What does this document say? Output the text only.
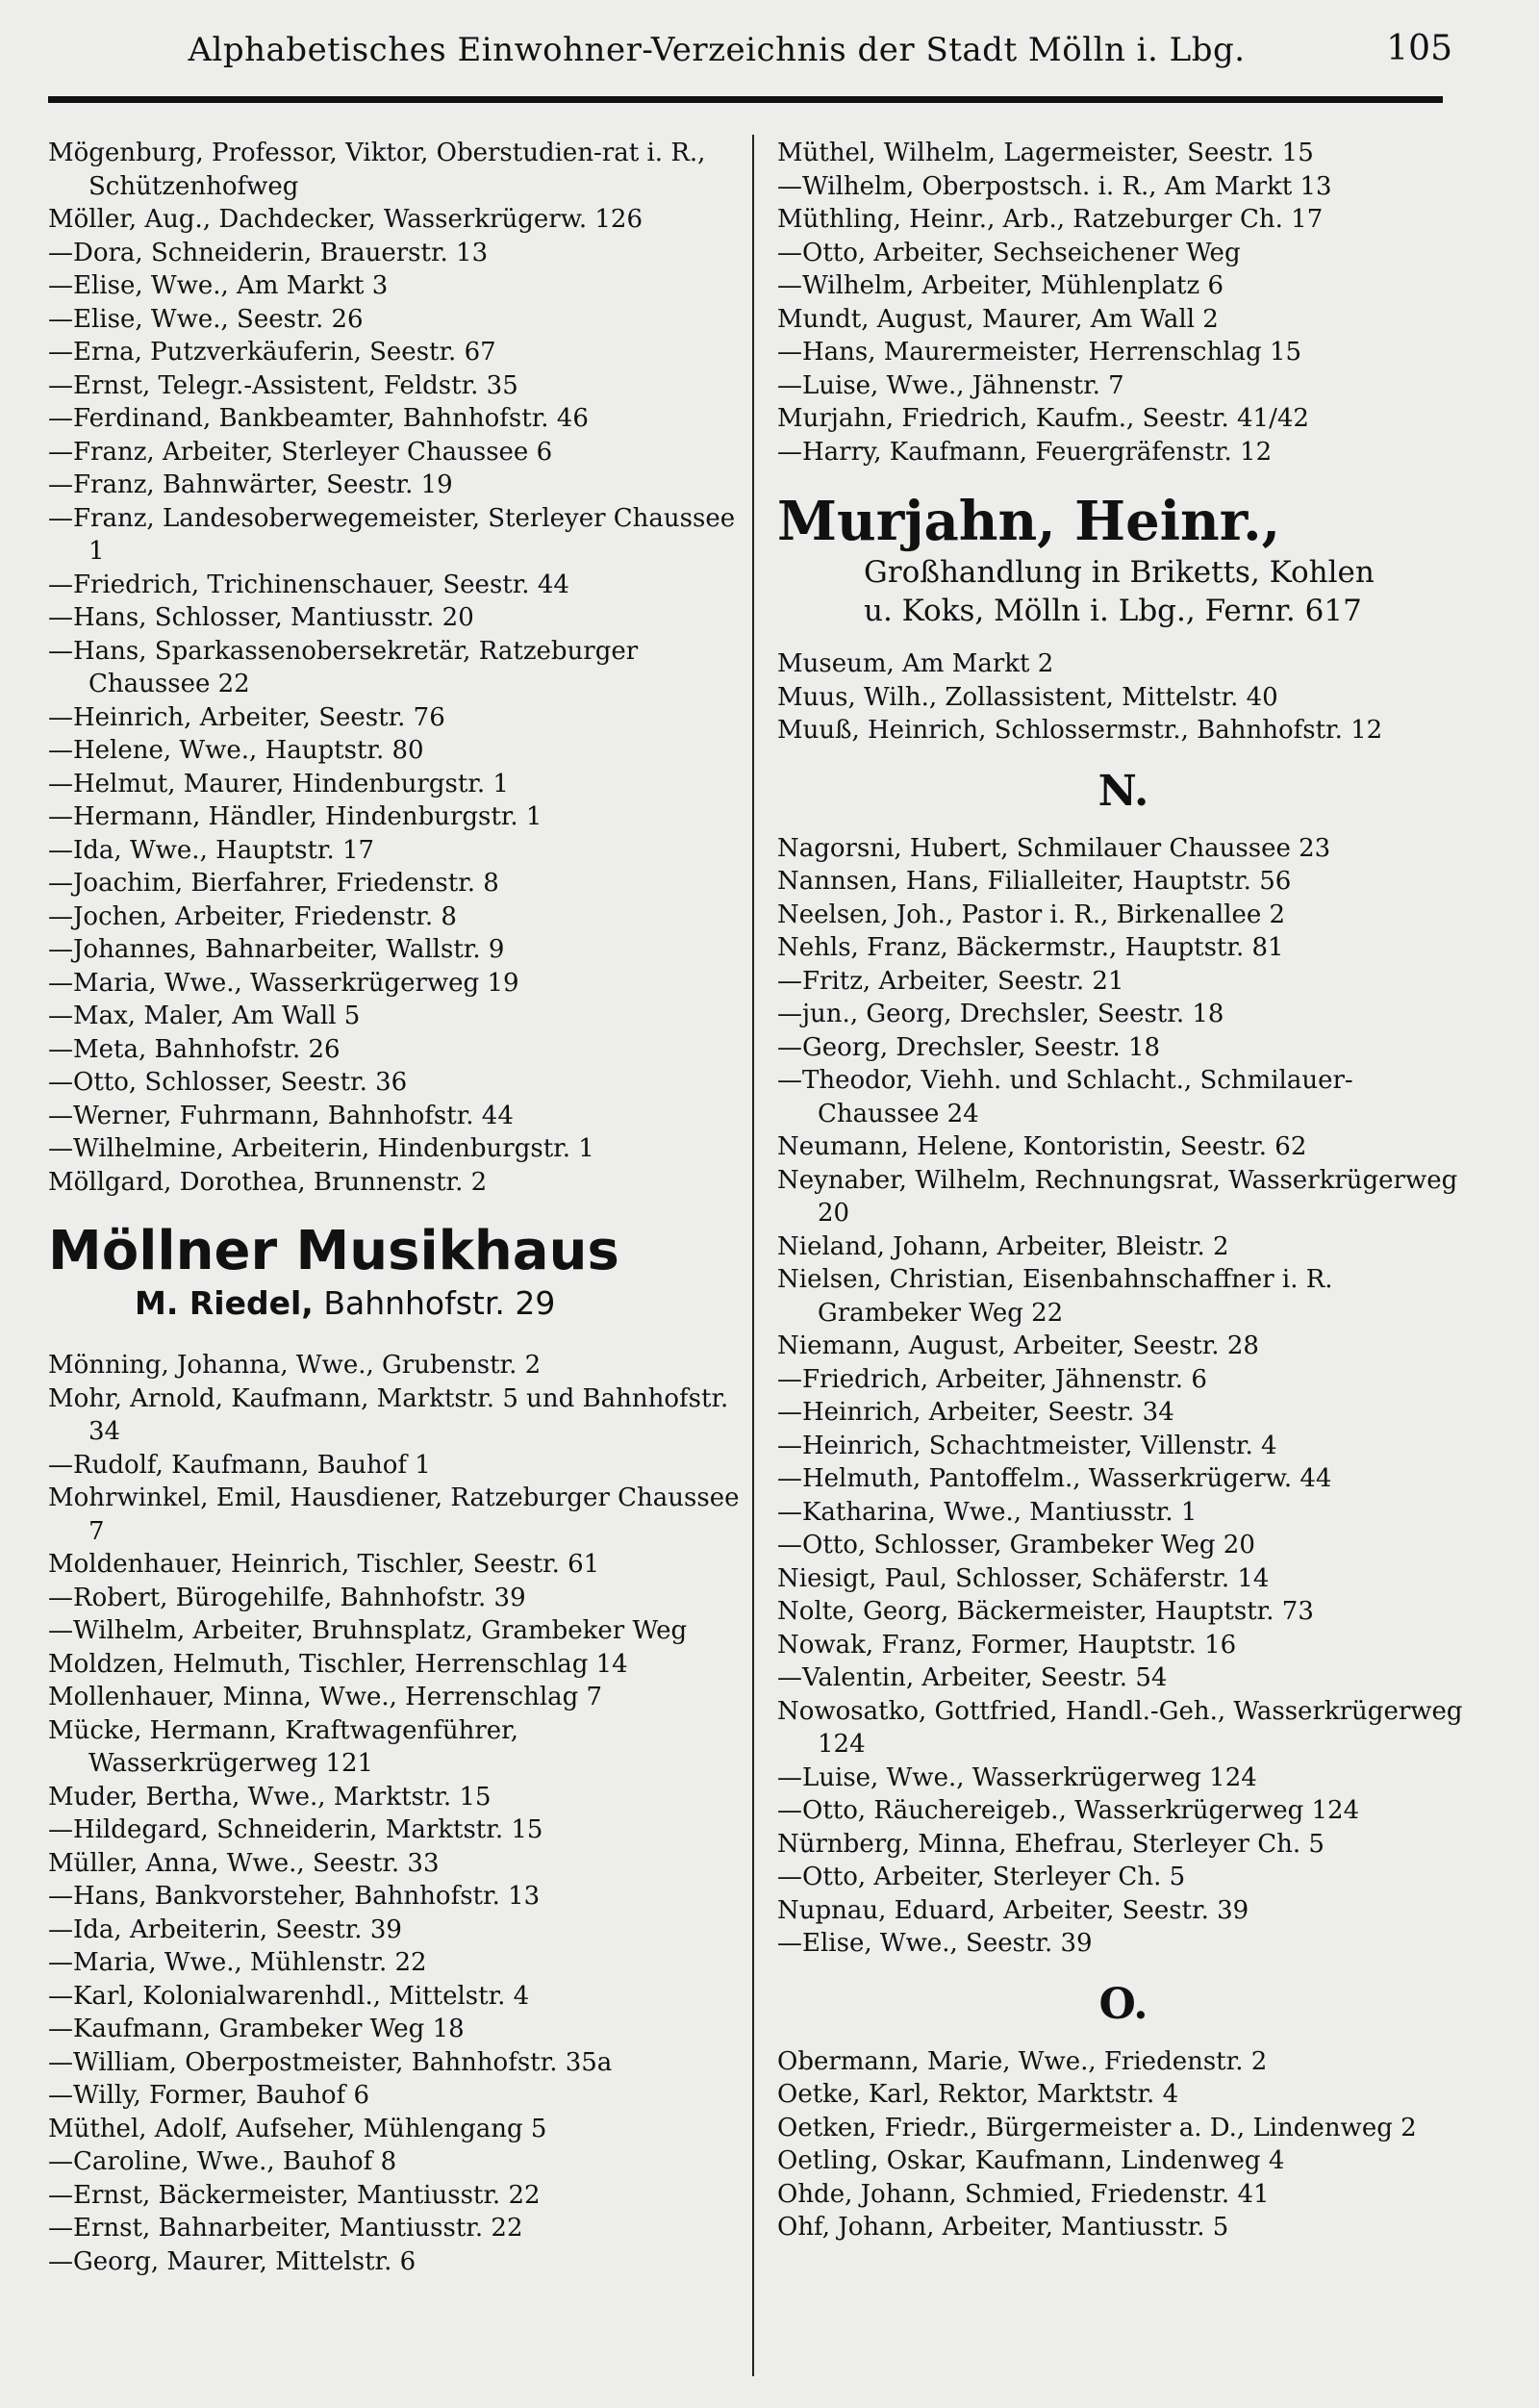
Alphabetisches Einwohner-Verzeichnis der Stadt Mölln i. Lbg.	105
Mögenburg, Professor, Viktor, Oberstudien-rat i. R., Schützenhofweg
Möller, Aug., Dachdecker, Wasserkrügerw. 126
—Dora, Schneiderin, Brauerstr. 13
—Elise, Wwe., Am Markt 3
—Elise, Wwe., Seestr. 26
—Erna, Putzverkäuferin, Seestr. 67
—Ernst, Telegr.-Assistent, Feldstr. 35
—Ferdinand, Bankbeamter, Bahnhofstr. 46
—Franz, Arbeiter, Sterleyer Chaussee 6
—Franz, Bahnwärter, Seestr. 19
—Franz, Landesoberwegemeister, Sterleyer Chaussee 1
—Friedrich, Trichinenschauer, Seestr. 44
—Hans, Schlosser, Mantiusstr. 20
—Hans, Sparkassenobersekretär, Ratzeburger Chaussee 22
—Heinrich, Arbeiter, Seestr. 76
—Helene, Wwe., Hauptstr. 80
—Helmut, Maurer, Hindenburgstr. 1
—Hermann, Händler, Hindenburgstr. 1
—Ida, Wwe., Hauptstr. 17
—Joachim, Bierfahrer, Friedenstr. 8
—Jochen, Arbeiter, Friedenstr. 8
—Johannes, Bahnarbeiter, Wallstr. 9
—Maria, Wwe., Wasserkrügerweg 19
—Max, Maler, Am Wall 5
—Meta, Bahnhofstr. 26
—Otto, Schlosser, Seestr. 36
—Werner, Fuhrmann, Bahnhofstr. 44
—Wilhelmine, Arbeiterin, Hindenburgstr. 1
Möllgard, Dorothea, Brunnenstr. 2
Möllner Musikhaus
M. Riedel, Bahnhofstr. 29
Mönning, Johanna, Wwe., Grubenstr. 2
Mohr, Arnold, Kaufmann, Marktstr. 5 und Bahnhofstr. 34
—Rudolf, Kaufmann, Bauhof 1
Mohrwinkel, Emil, Hausdiener, Ratzeburger Chaussee 7
Moldenhauer, Heinrich, Tischler, Seestr. 61
—Robert, Bürogehilfe, Bahnhofstr. 39
—Wilhelm, Arbeiter, Bruhnsplatz, Grambeker Weg
Moldzen, Helmuth, Tischler, Herrenschlag 14
Mollenhauer, Minna, Wwe., Herrenschlag 7
Mücke, Hermann, Kraftwagenführer, Wasserkrügerweg 121
Muder, Bertha, Wwe., Marktstr. 15
—Hildegard, Schneiderin, Marktstr. 15
Müller, Anna, Wwe., Seestr. 33
—Hans, Bankvorsteher, Bahnhofstr. 13
—Ida, Arbeiterin, Seestr. 39
—Maria, Wwe., Mühlenstr. 22
—Karl, Kolonialwarenhdl., Mittelstr. 4
—Kaufmann, Grambeker Weg 18
—William, Oberpostmeister, Bahnhofstr. 35a
—Willy, Former, Bauhof 6
Müthel, Adolf, Aufseher, Mühlengang 5
—Caroline, Wwe., Bauhof 8
—Ernst, Bäckermeister, Mantiusstr. 22
—Ernst, Bahnarbeiter, Mantiusstr. 22
—Georg, Maurer, Mittelstr. 6
Müthel, Wilhelm, Lagermeister, Seestr. 15
—Wilhelm, Oberpostsch. i. R., Am Markt 13
Müthling, Heinr., Arb., Ratzeburger Ch. 17
—Otto, Arbeiter, Sechseichener Weg
—Wilhelm, Arbeiter, Mühlenplatz 6
Mundt, August, Maurer, Am Wall 2
—Hans, Maurermeister, Herrenschlag 15
—Luise, Wwe., Jähnenstr. 7
Murjahn, Friedrich, Kaufm., Seestr. 41/42
—Harry, Kaufmann, Feuergräfenstr. 12
Murjahn, Heinr.,
Großhandlung in Briketts, Kohlen
u. Koks, Mölln i. Lbg., Fernr. 617
Museum, Am Markt 2
Muus, Wilh., Zollassistent, Mittelstr. 40
Muuß, Heinrich, Schlossermstr., Bahnhofstr. 12
N.
Nagorsni, Hubert, Schmilauer Chaussee 23
Nannsen, Hans, Filialleiter, Hauptstr. 56
Neelsen, Joh., Pastor i. R., Birkenallee 2
Nehls, Franz, Bäckermstr., Hauptstr. 81
—Fritz, Arbeiter, Seestr. 21
—jun., Georg, Drechsler, Seestr. 18
—Georg, Drechsler, Seestr. 18
—Theodor, Viehh. und Schlacht., Schmilauer-Chaussee 24
Neumann, Helene, Kontoristin, Seestr. 62
Neynaber, Wilhelm, Rechnungsrat, Wasserkrügerweg 20
Nieland, Johann, Arbeiter, Bleistr. 2
Nielsen, Christian, Eisenbahnschaffner i. R. Grambeker Weg 22
Niemann, August, Arbeiter, Seestr. 28
—Friedrich, Arbeiter, Jähnenstr. 6
—Heinrich, Arbeiter, Seestr. 34
—Heinrich, Schachtmeister, Villenstr. 4
—Helmuth, Pantoffelm., Wasserkrügerw. 44
—Katharina, Wwe., Mantiusstr. 1
—Otto, Schlosser, Grambeker Weg 20
Niesigt, Paul, Schlosser, Schäferstr. 14
Nolte, Georg, Bäckermeister, Hauptstr. 73
Nowak, Franz, Former, Hauptstr. 16
—Valentin, Arbeiter, Seestr. 54
Nowosatko, Gottfried, Handl.-Geh., Wasserkrügerweg 124
—Luise, Wwe., Wasserkrügerweg 124
—Otto, Räuchereigeb., Wasserkrügerweg 124
Nürnberg, Minna, Ehefrau, Sterleyer Ch. 5
—Otto, Arbeiter, Sterleyer Ch. 5
Nupnau, Eduard, Arbeiter, Seestr. 39
—Elise, Wwe., Seestr. 39
O.
Obermann, Marie, Wwe., Friedenstr. 2
Oetke, Karl, Rektor, Marktstr. 4
Oetken, Friedr., Bürgermeister a. D., Lindenweg 2
Oetling, Oskar, Kaufmann, Lindenweg 4
Ohde, Johann, Schmied, Friedenstr. 41
Ohf, Johann, Arbeiter, Mantiusstr. 5
